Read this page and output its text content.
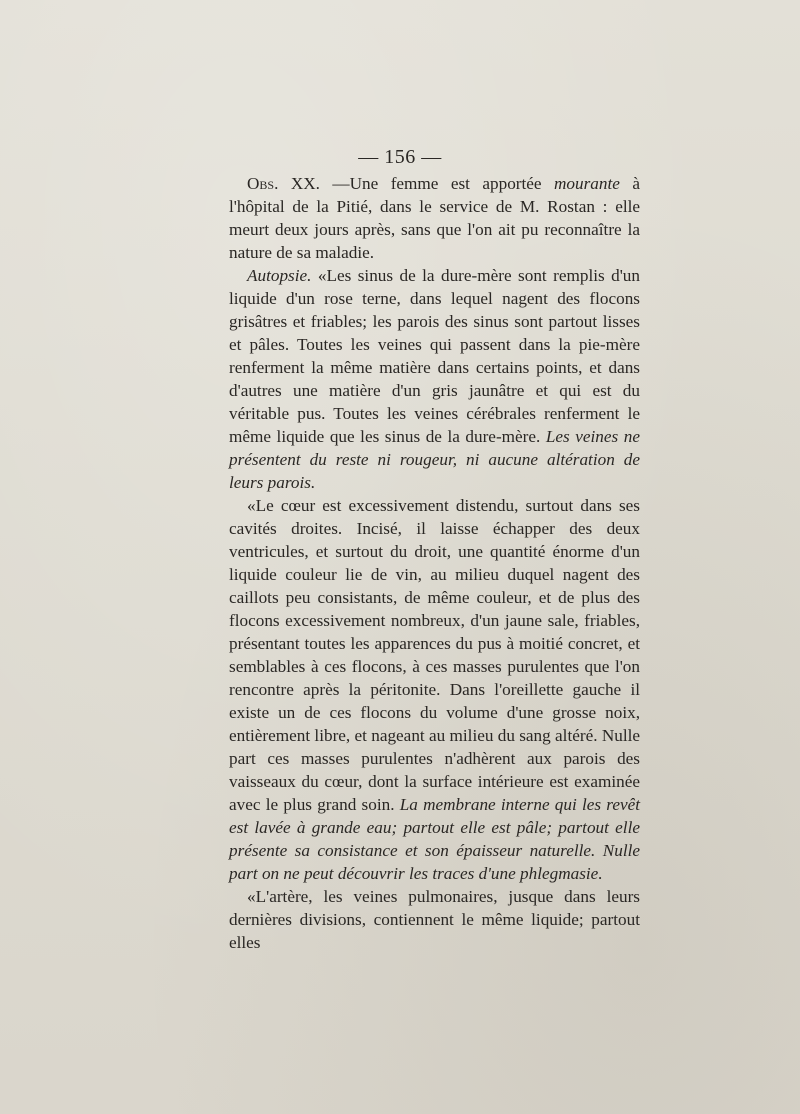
— 156 —

Obs. XX. —Une femme est apportée mourante à l'hôpital de la Pitié, dans le service de M. Rostan : elle meurt deux jours après, sans que l'on ait pu reconnaître la nature de sa maladie.

Autopsie. «Les sinus de la dure-mère sont remplis d'un liquide d'un rose terne, dans lequel nagent des flocons grisâtres et friables; les parois des sinus sont partout lisses et pâles. Toutes les veines qui passent dans la pie-mère renferment la même matière dans certains points, et dans d'autres une matière d'un gris jaunâtre et qui est du véritable pus. Toutes les veines cérébrales renferment le même liquide que les sinus de la dure-mère. Les veines ne présentent du reste ni rougeur, ni aucune altération de leurs parois.

«Le cœur est excessivement distendu, surtout dans ses cavités droites. Incisé, il laisse échapper des deux ventricules, et surtout du droit, une quantité énorme d'un liquide couleur lie de vin, au milieu duquel nagent des caillots peu consistants, de même couleur, et de plus des flocons excessivement nombreux, d'un jaune sale, friables, présentant toutes les apparences du pus à moitié concret, et semblables à ces flocons, à ces masses purulentes que l'on rencontre après la péritonite. Dans l'oreillette gauche il existe un de ces flocons du volume d'une grosse noix, entièrement libre, et nageant au milieu du sang altéré. Nulle part ces masses purulentes n'adhèrent aux parois des vaisseaux du cœur, dont la surface intérieure est examinée avec le plus grand soin. La membrane interne qui les revêt est lavée à grande eau; partout elle est pâle; partout elle présente sa consistance et son épaisseur naturelle. Nulle part on ne peut découvrir les traces d'une phlegmasie.

«L'artère, les veines pulmonaires, jusque dans leurs dernières divisions, contiennent le même liquide; partout elles
